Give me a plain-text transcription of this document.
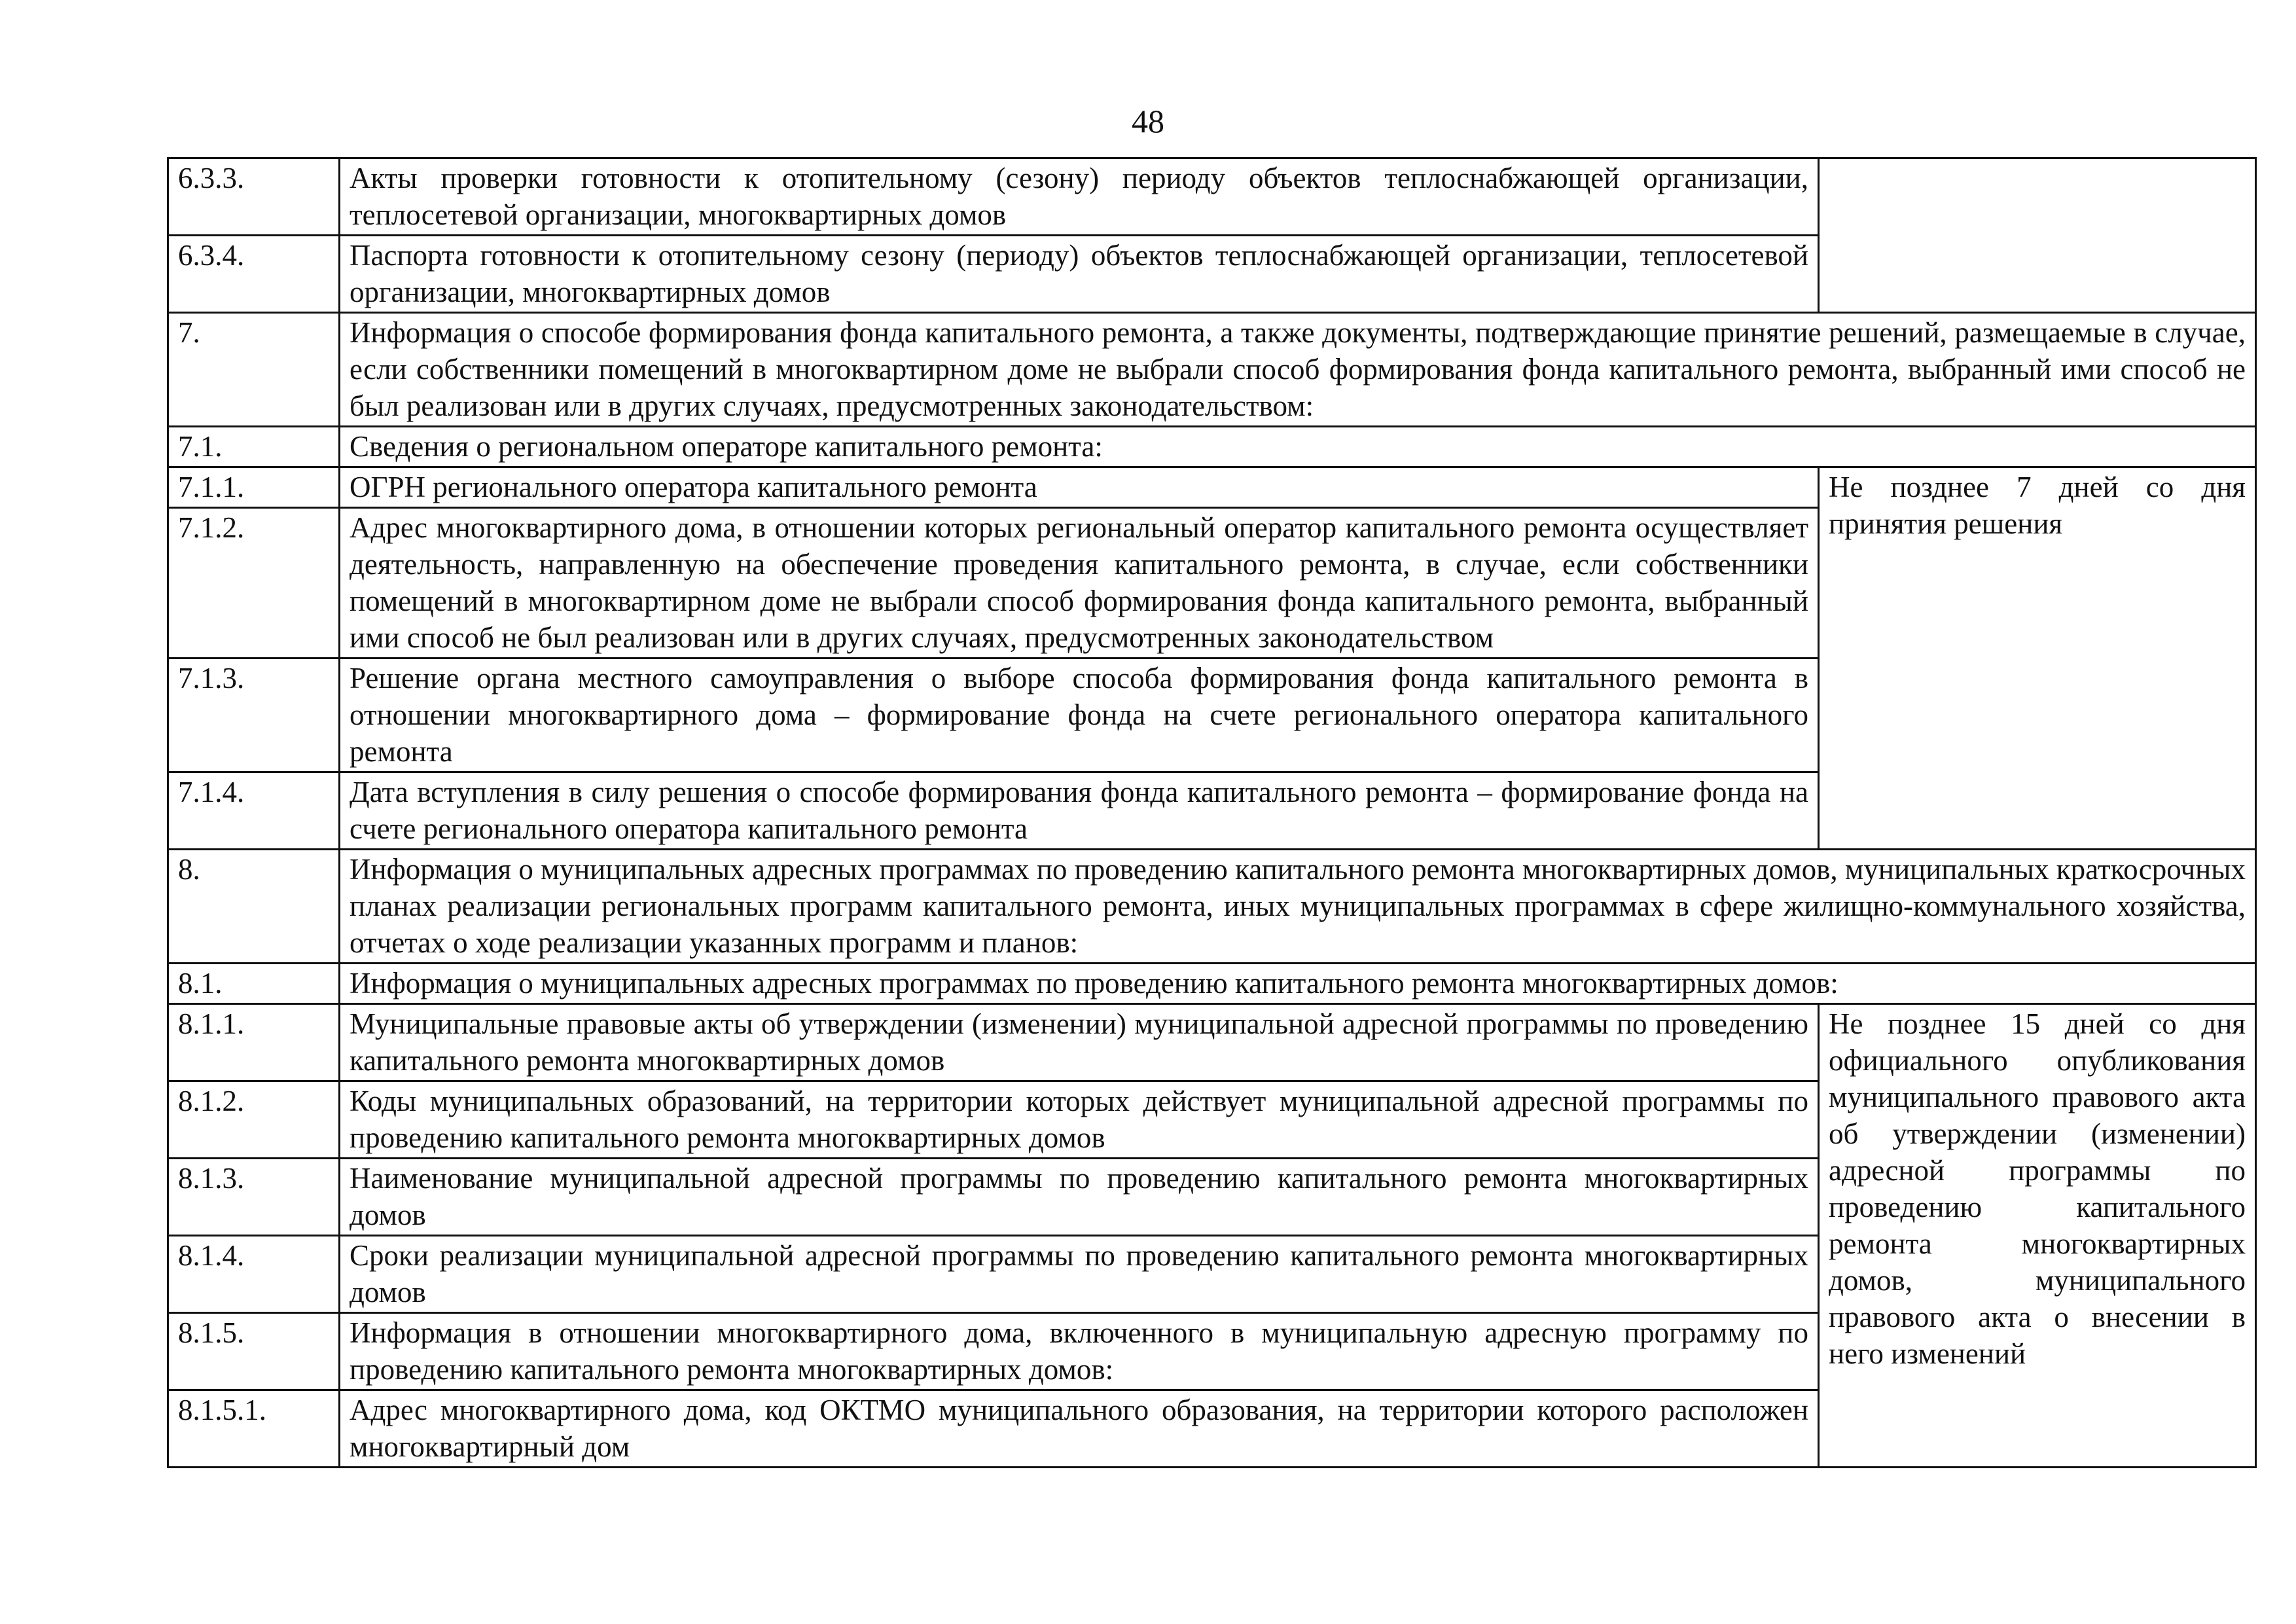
48
6.3.3.	Акты проверки готовности к отопительному (сезону) периоду объектов теплоснабжающей организации, теплосетевой организации, многоквартирных домов	
6.3.4.	Паспорта готовности к отопительному сезону (периоду) объектов теплоснабжающей организации, теплосетевой организации, многоквартирных домов	
7.	Информация о способе формирования фонда капитального ремонта, а также документы, подтверждающие принятие решений, размещаемые в случае, если собственники помещений в многоквартирном доме не выбрали способ формирования фонда капитального ремонта, выбранный ими способ не был реализован или в других случаях, предусмотренных законодательством:	
7.1.	Сведения о региональном операторе капитального ремонта:	
7.1.1.	ОГРН регионального оператора капитального ремонта	Не позднее 7 дней со дня принятия решения
7.1.2.	Адрес многоквартирного дома, в отношении которых региональный оператор капитального ремонта осуществляет деятельность, направленную на обеспечение проведения капитального ремонта, в случае, если собственники помещений в многоквартирном доме не выбрали способ формирования фонда капитального ремонта, выбранный ими способ не был реализован или в других случаях, предусмотренных законодательством	
7.1.3.	Решение органа местного самоуправления о выборе способа формирования фонда капитального ремонта в отношении многоквартирного дома – формирование фонда на счете регионального оператора капитального ремонта	
7.1.4.	Дата вступления в силу решения о способе формирования фонда капитального ремонта – формирование фонда на счете регионального оператора капитального ремонта	
8.	Информация о муниципальных адресных программах по проведению капитального ремонта многоквартирных домов, муниципальных краткосрочных планах реализации региональных программ капитального ремонта, иных муниципальных программах в сфере жилищно-коммунального хозяйства, отчетах о ходе реализации указанных программ и планов:	
8.1.	Информация о муниципальных адресных программах по проведению капитального ремонта многоквартирных домов:	
8.1.1.	Муниципальные правовые акты об утверждении (изменении) муниципальной адресной программы по проведению капитального ремонта многоквартирных домов	Не позднее 15 дней со дня официального опубликования муниципального правового акта об утверждении (изменении) адресной программы по проведению капитального ремонта многоквартирных домов, муниципального правового акта о внесении в него изменений
8.1.2.	Коды муниципальных образований, на территории которых действует муниципальной адресной программы по проведению капитального ремонта многоквартирных домов	
8.1.3.	Наименование муниципальной адресной программы по проведению капитального ремонта многоквартирных домов	
8.1.4.	Сроки реализации муниципальной адресной программы по проведению капитального ремонта многоквартирных домов	
8.1.5.	Информация в отношении многоквартирного дома, включенного в муниципальную адресную программу по проведению капитального ремонта многоквартирных домов:	
8.1.5.1.	Адрес многоквартирного дома, код ОКТМО муниципального образования, на территории которого расположен многоквартирный дом	
